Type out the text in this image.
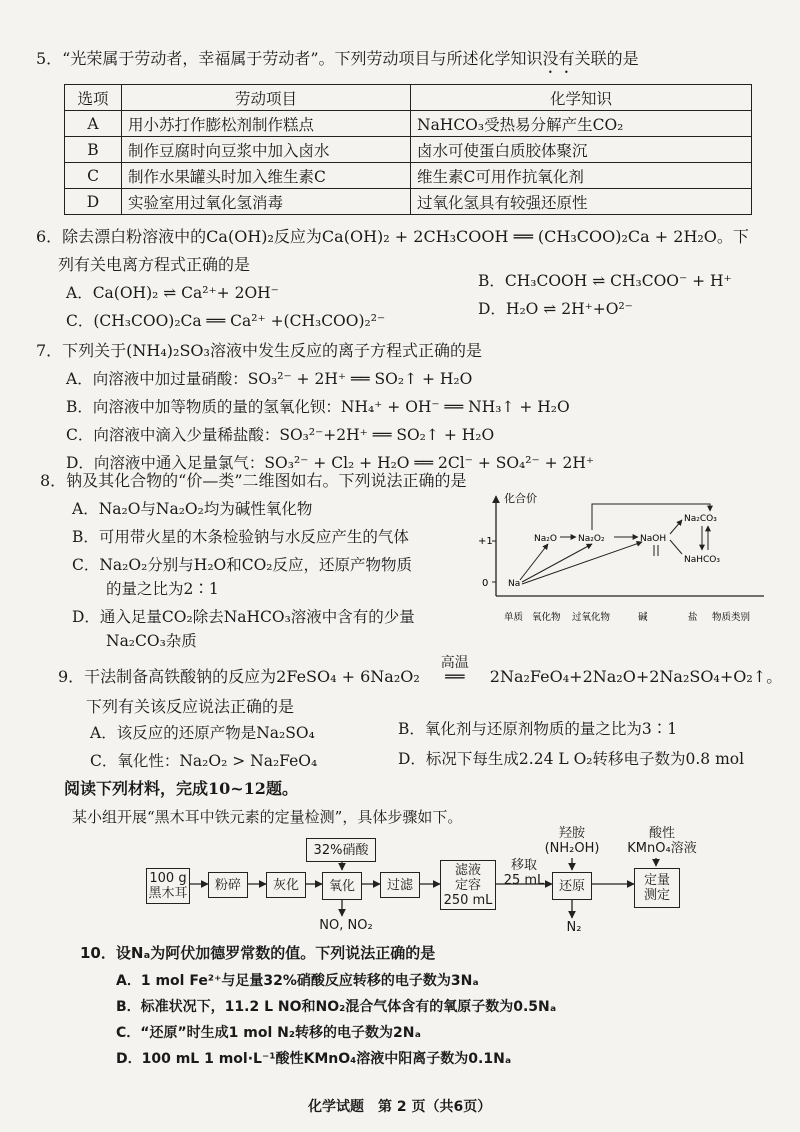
5．“光荣属于劳动者，幸福属于劳动者”。下列劳动项目与所述化学知识没有关联的是
选项	劳动项目	化学知识
A	用小苏打作膨松剂制作糕点	NaHCO₃受热易分解产生CO₂
B	制作豆腐时向豆浆中加入卤水	卤水可使蛋白质胶体聚沉
C	制作水果罐头时加入维生素C	维生素C可用作抗氧化剂
D	实验室用过氧化氢消毒	过氧化氢具有较强还原性
6．除去漂白粉溶液中的Ca(OH)₂反应为Ca(OH)₂ + 2CH₃COOH ══ (CH₃COO)₂Ca + 2H₂O。下
列有关电离方程式正确的是
A．Ca(OH)₂ ⇌ Ca²⁺+ 2OH⁻
B．CH₃COOH ⇌ CH₃COO⁻ + H⁺
C．(CH₃COO)₂Ca ══ Ca²⁺ +(CH₃COO)₂²⁻
D．H₂O ⇌ 2H⁺+O²⁻
7．下列关于(NH₄)₂SO₃溶液中发生反应的离子方程式正确的是
A．向溶液中加过量硝酸：SO₃²⁻ + 2H⁺ ══ SO₂↑ + H₂O
B．向溶液中加等物质的量的氢氧化钡：NH₄⁺ + OH⁻ ══ NH₃↑ + H₂O
C．向溶液中滴入少量稀盐酸：SO₃²⁻+2H⁺ ══ SO₂↑ + H₂O
D．向溶液中通入足量氯气：SO₃²⁻ + Cl₂ + H₂O ══ 2Cl⁻ + SO₄²⁻ + 2H⁺
8．钠及其化合物的“价—类”二维图如右。下列说法正确的是
A．Na₂O与Na₂O₂均为碱性氧化物
B．可用带火星的木条检验钠与水反应产生的气体
C．Na₂O₂分别与H₂O和CO₂反应，还原产物物质
的量之比为2∶1
D．通入足量CO₂除去NaHCO₃溶液中含有的少量
Na₂CO₃杂质
化合价
+1
0 Na
Na₂O Na₂O₂	NaOH
Na₂CO₃
NaHCO₃
单质 氧化物 过氧化物	碱	盐 物质类别
9．干法制备高铁酸钠的反应为2FeSO₄ + 6Na₂O₂
高温
══ 2Na₂FeO₄+2Na₂O+2Na₂SO₄+O₂↑。
下列有关该反应说法正确的是
A．该反应的还原产物是Na₂SO₄	B．氧化剂与还原剂物质的量之比为3∶1
C．氧化性：Na₂O₂ > Na₂FeO₄	D．标况下每生成2.24 L O₂转移电子数为0.8 mol
阅读下列材料，完成10~12题。
某小组开展“黑木耳中铁元素的定量检测”，具体步骤如下。
100 g
黑木耳
粉碎	灰化	氧化
32%硝酸
过滤
滤液
定容
250 mL
移取
25 mL	还原
羟胺
(NH₂OH)
定量
测定
酸性
KMnO₄溶液
NO, NO₂	N₂
10．设Nₐ为阿伏加德罗常数的值。下列说法正确的是
A．1 mol Fe²⁺与足量32%硝酸反应转移的电子数为3Nₐ
B．标准状况下，11.2 L NO和NO₂混合气体含有的氧原子数为0.5Nₐ
C．“还原”时生成1 mol N₂转移的电子数为2Nₐ
D．100 mL 1 mol·L⁻¹酸性KMnO₄溶液中阳离子数为0.1Nₐ
化学试题　第 2 页（共6页）
